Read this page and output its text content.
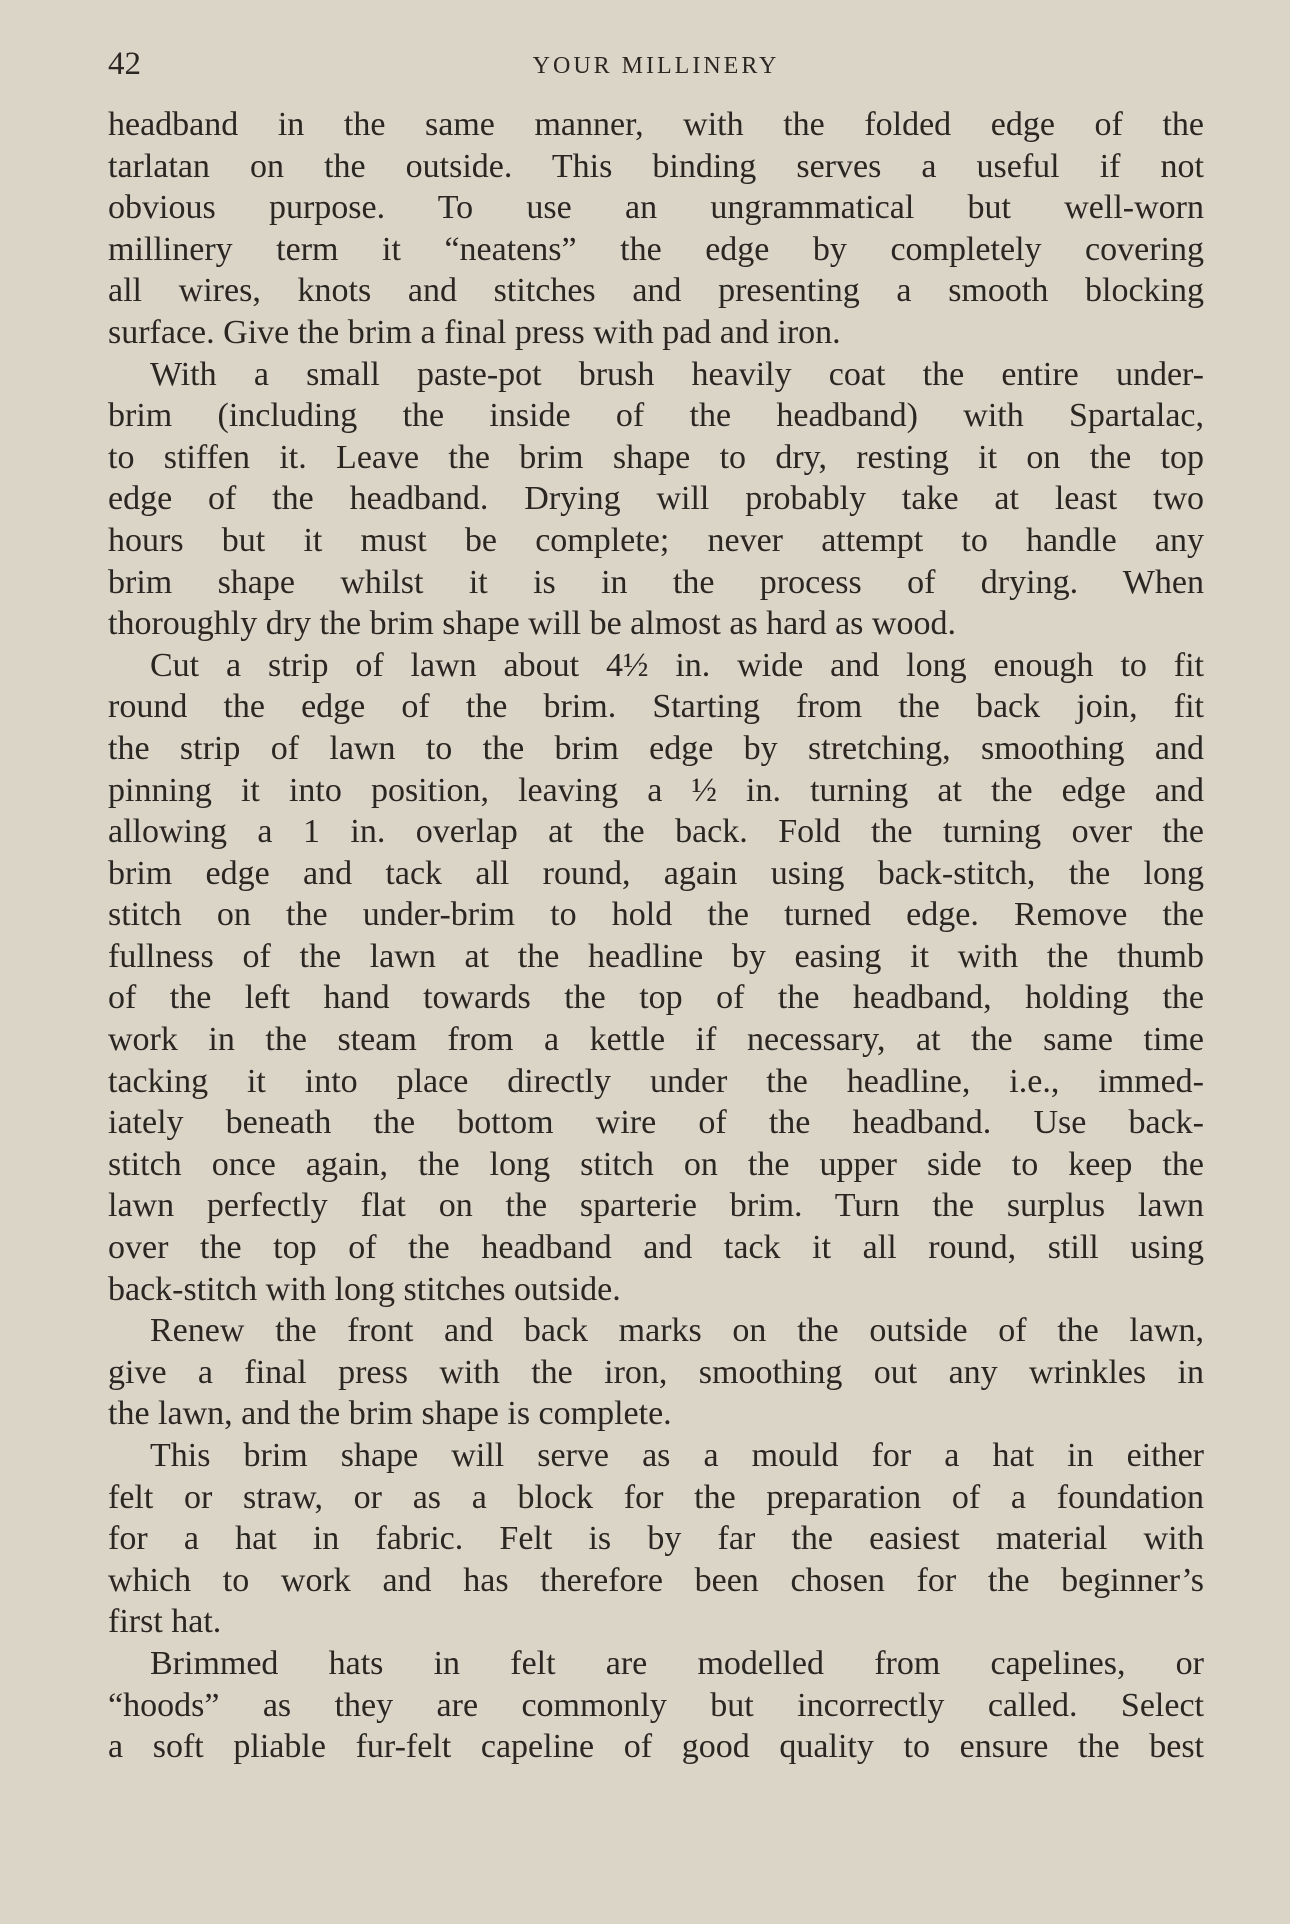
42	YOUR MILLINERY

headband in the same manner, with the folded edge of the
tarlatan on the outside. This binding serves a useful if not
obvious purpose. To use an ungrammatical but well-worn
millinery term it “neatens” the edge by completely covering
all wires, knots and stitches and presenting a smooth blocking
surface. Give the brim a final press with pad and iron.

With a small paste-pot brush heavily coat the entire under-
brim (including the inside of the headband) with Spartalac,
to stiffen it. Leave the brim shape to dry, resting it on the top
edge of the headband. Drying will probably take at least two
hours but it must be complete; never attempt to handle any
brim shape whilst it is in the process of drying. When
thoroughly dry the brim shape will be almost as hard as wood.

Cut a strip of lawn about 4½ in. wide and long enough to fit
round the edge of the brim. Starting from the back join, fit
the strip of lawn to the brim edge by stretching, smoothing and
pinning it into position, leaving a ½ in. turning at the edge and
allowing a 1 in. overlap at the back. Fold the turning over the
brim edge and tack all round, again using back-stitch, the long
stitch on the under-brim to hold the turned edge. Remove the
fullness of the lawn at the headline by easing it with the thumb
of the left hand towards the top of the headband, holding the
work in the steam from a kettle if necessary, at the same time
tacking it into place directly under the headline, i.e., immed-
iately beneath the bottom wire of the headband. Use back-
stitch once again, the long stitch on the upper side to keep the
lawn perfectly flat on the sparterie brim. Turn the surplus lawn
over the top of the headband and tack it all round, still using
back-stitch with long stitches outside.

Renew the front and back marks on the outside of the lawn,
give a final press with the iron, smoothing out any wrinkles in
the lawn, and the brim shape is complete.

This brim shape will serve as a mould for a hat in either
felt or straw, or as a block for the preparation of a foundation
for a hat in fabric. Felt is by far the easiest material with
which to work and has therefore been chosen for the beginner’s
first hat.

Brimmed hats in felt are modelled from capelines, or
“hoods” as they are commonly but incorrectly called. Select
a soft pliable fur-felt capeline of good quality to ensure the best
